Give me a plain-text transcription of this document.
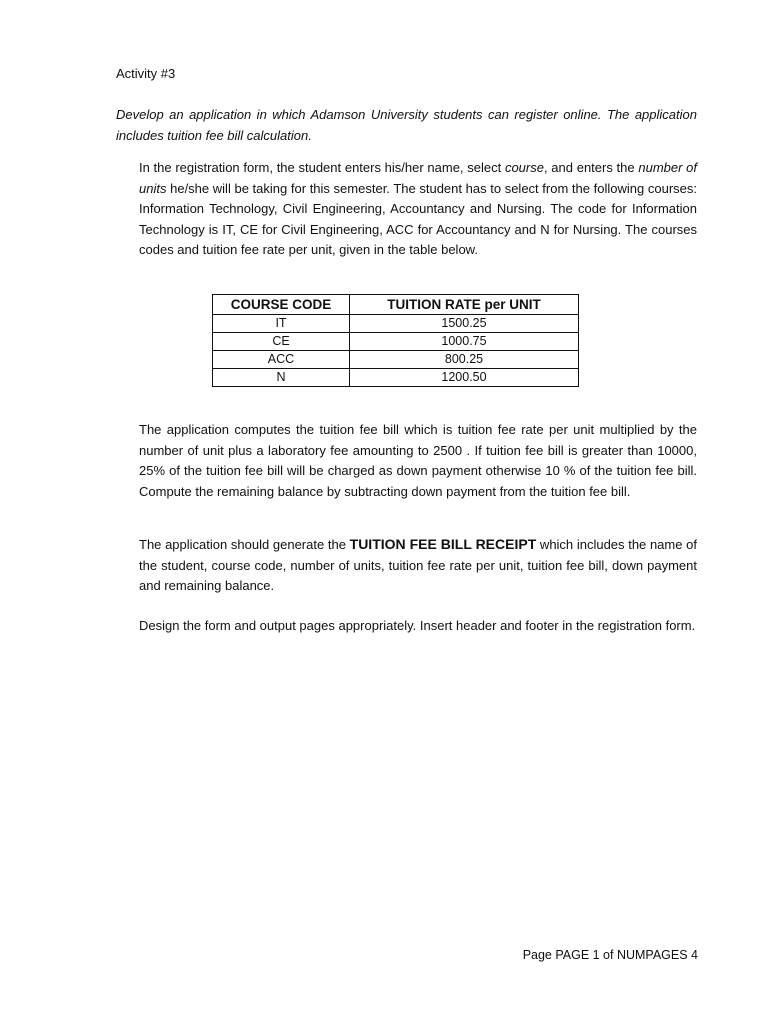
Activity #3
Develop an application in which Adamson University students can register online. The application includes tuition fee bill calculation.
In the registration form, the student enters his/her name, select course, and enters the number of units he/she will be taking for this semester. The student has to select from the following courses: Information Technology, Civil Engineering, Accountancy and Nursing. The code for Information Technology is IT, CE for Civil Engineering, ACC for Accountancy and N for Nursing. The courses codes and tuition fee rate per unit, given in the table below.
COURSE CODE	TUITION RATE per UNIT
IT	1500.25
CE	1000.75
ACC	800.25
N	1200.50
The application computes the tuition fee bill which is tuition fee rate per unit multiplied by the number of unit plus a laboratory fee amounting to 2500 . If tuition fee bill is greater than 10000, 25% of the tuition fee bill will be charged as down payment otherwise 10 % of the tuition fee bill. Compute the remaining balance by subtracting down payment from the tuition fee bill.
The application should generate the TUITION FEE BILL RECEIPT which includes the name of the student, course code, number of units, tuition fee rate per unit, tuition fee bill, down payment and remaining balance.
Design the form and output pages appropriately. Insert header and footer in the registration form.
Page PAGE 1 of NUMPAGES 4
